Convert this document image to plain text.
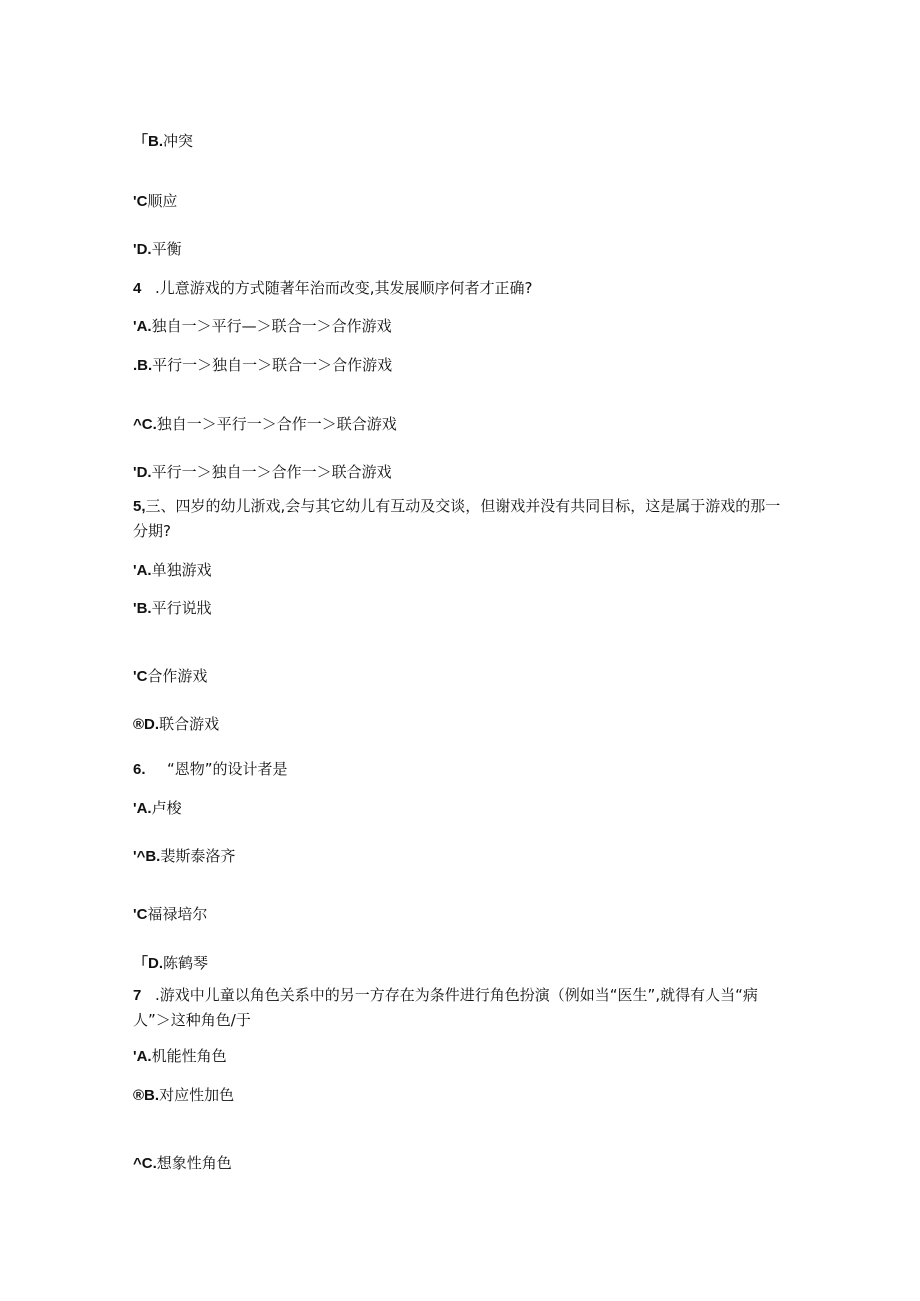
「B.冲突
'C顺应
'D.平衡
4 .儿意游戏的方式随著年治而改变,其发展顺序何者才正确?
'A.独自一＞平行—＞联合一＞合作游戏
.B.平行一＞独自一＞联合一＞合作游戏
^C.独自一＞平行一＞合作一＞联合游戏
'D.平行一＞独自一＞合作一＞联合游戏
5,三、四岁的幼儿浙戏,会与其它幼儿有互动及交谈，但谢戏并没有共同目标，这是属于游戏的那一分期?
'A.单独游戏
'B.平行说戕
'C合作游戏
®D.联合游戏
6. “恩物”的设计者是
'A.卢梭
'^B.裴斯泰洛齐
'C福禄培尔
「D.陈鹤琴
7 .游戏中儿童以角色关系中的另一方存在为条件进行角色扮演（例如当“医生”,就得有人当“病人”＞这种角色/于
'A.机能性角色
®B.对应性加色
^C.想象性角色
